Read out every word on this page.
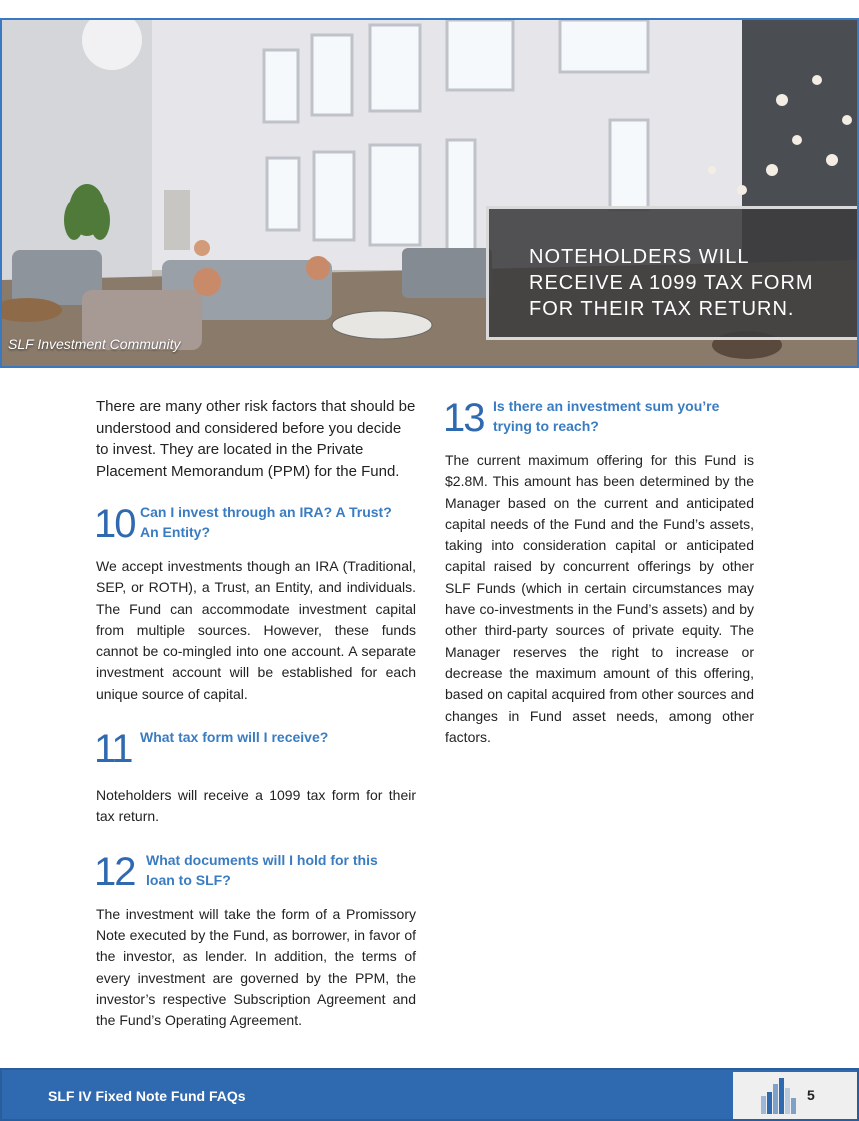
SLF Investment Community
NOTEHOLDERS WILL RECEIVE A 1099 TAX FORM FOR THEIR TAX RETURN.

There are many other risk factors that should be understood and considered before you decide to invest. They are located in the Private Placement Memorandum (PPM) for the Fund.

10 Can I invest through an IRA? A Trust? An Entity?

We accept investments though an IRA (Traditional, SEP, or ROTH), a Trust, an Entity, and individuals. The Fund can accommodate investment capital from multiple sources. However, these funds cannot be co-mingled into one account. A separate investment account will be established for each unique source of capital.

11 What tax form will I receive?

Noteholders will receive a 1099 tax form for their tax return.

12 What documents will I hold for this loan to SLF?

The investment will take the form of a Promissory Note executed by the Fund, as borrower, in favor of the investor, as lender. In addition, the terms of every investment are governed by the PPM, the investor’s respective Subscription Agreement and the Fund’s Operating Agreement.

13 Is there an investment sum you’re trying to reach?

The current maximum offering for this Fund is $2.8M. This amount has been determined by the Manager based on the current and anticipated capital needs of the Fund and the Fund’s assets, taking into consideration capital or anticipated capital raised by concurrent offerings by other SLF Funds (which in certain circumstances may have co-investments in the Fund’s assets) and by other third-party sources of private equity. The Manager reserves the right to increase or decrease the maximum amount of this offering, based on capital acquired from other sources and changes in Fund asset needs, among other factors.

SLF IV Fixed Note Fund FAQs	5
